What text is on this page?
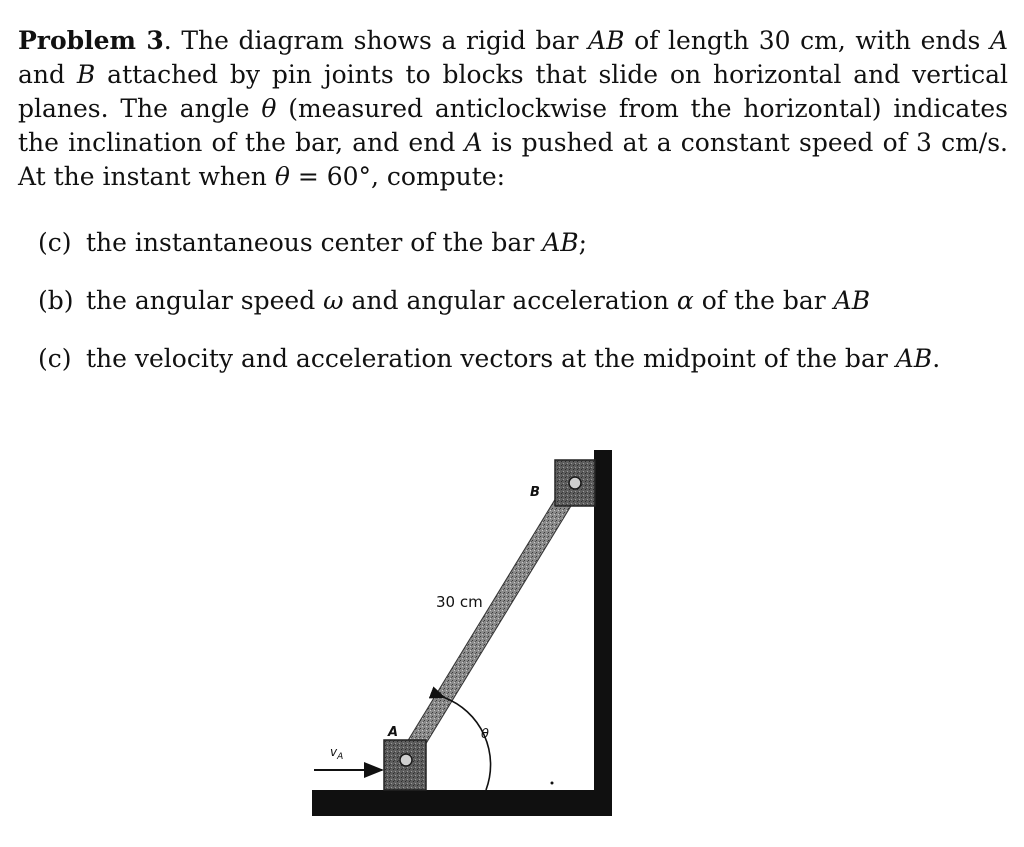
Problem 3. The diagram shows a rigid bar AB of length 30 cm, with ends A and B attached by pin joints to blocks that slide on horizontal and vertical planes. The angle θ (measured anticlockwise from the horizontal) indicates the inclination of the bar, and end A is pushed at a constant speed of 3 cm/s. At the instant when θ = 60°, compute:
(c) the instantaneous center of the bar AB;
(b) the angular speed ω and angular acceleration α of the bar AB
(c) the velocity and acceleration vectors at the midpoint of the bar AB.
B
30 cm
A	θ
$v_A$
